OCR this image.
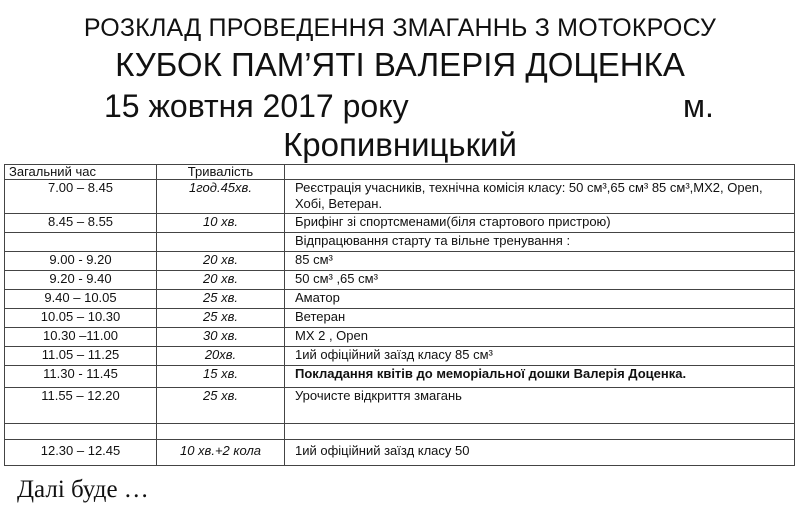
РОЗКЛАД ПРОВЕДЕННЯ ЗМАГАННЬ З МОТОКРОСУ
КУБОК ПАМ’ЯТІ ВАЛЕРІЯ ДОЦЕНКА
15 жовтня 2017 року	м.
Кропивницький
Загальний час	Тривалість	
7.00 – 8.45	1год.45хв.	Реєстрація учасників, технічна комісія класу: 50 см³,65 см³ 85 см³,МХ2, Open, Хобі, Ветеран.
8.45 – 8.55	10 хв.	Брифінг зі спортсменами(біля стартового пристрою)
		Відпрацювання старту та вільне тренування :
9.00 - 9.20	20 хв.	85 см³
9.20 - 9.40	20 хв.	50 см³ ,65 см³
9.40 – 10.05	25 хв.	Аматор
10.05 – 10.30	25 хв.	Ветеран
10.30 –11.00	30 хв.	МХ 2 , Open
11.05 – 11.25	20хв.	1ий офіційний заїзд класу 85 см³
11.30 - 11.45	15 хв.	Покладання квітів до меморіальної дошки Валерія Доценка.
11.55 – 12.20	25 хв.	Урочисте відкриття змагань

12.30 – 12.45	10 хв.+2 кола	1ий офіційний заїзд класу 50
Далі буде …
